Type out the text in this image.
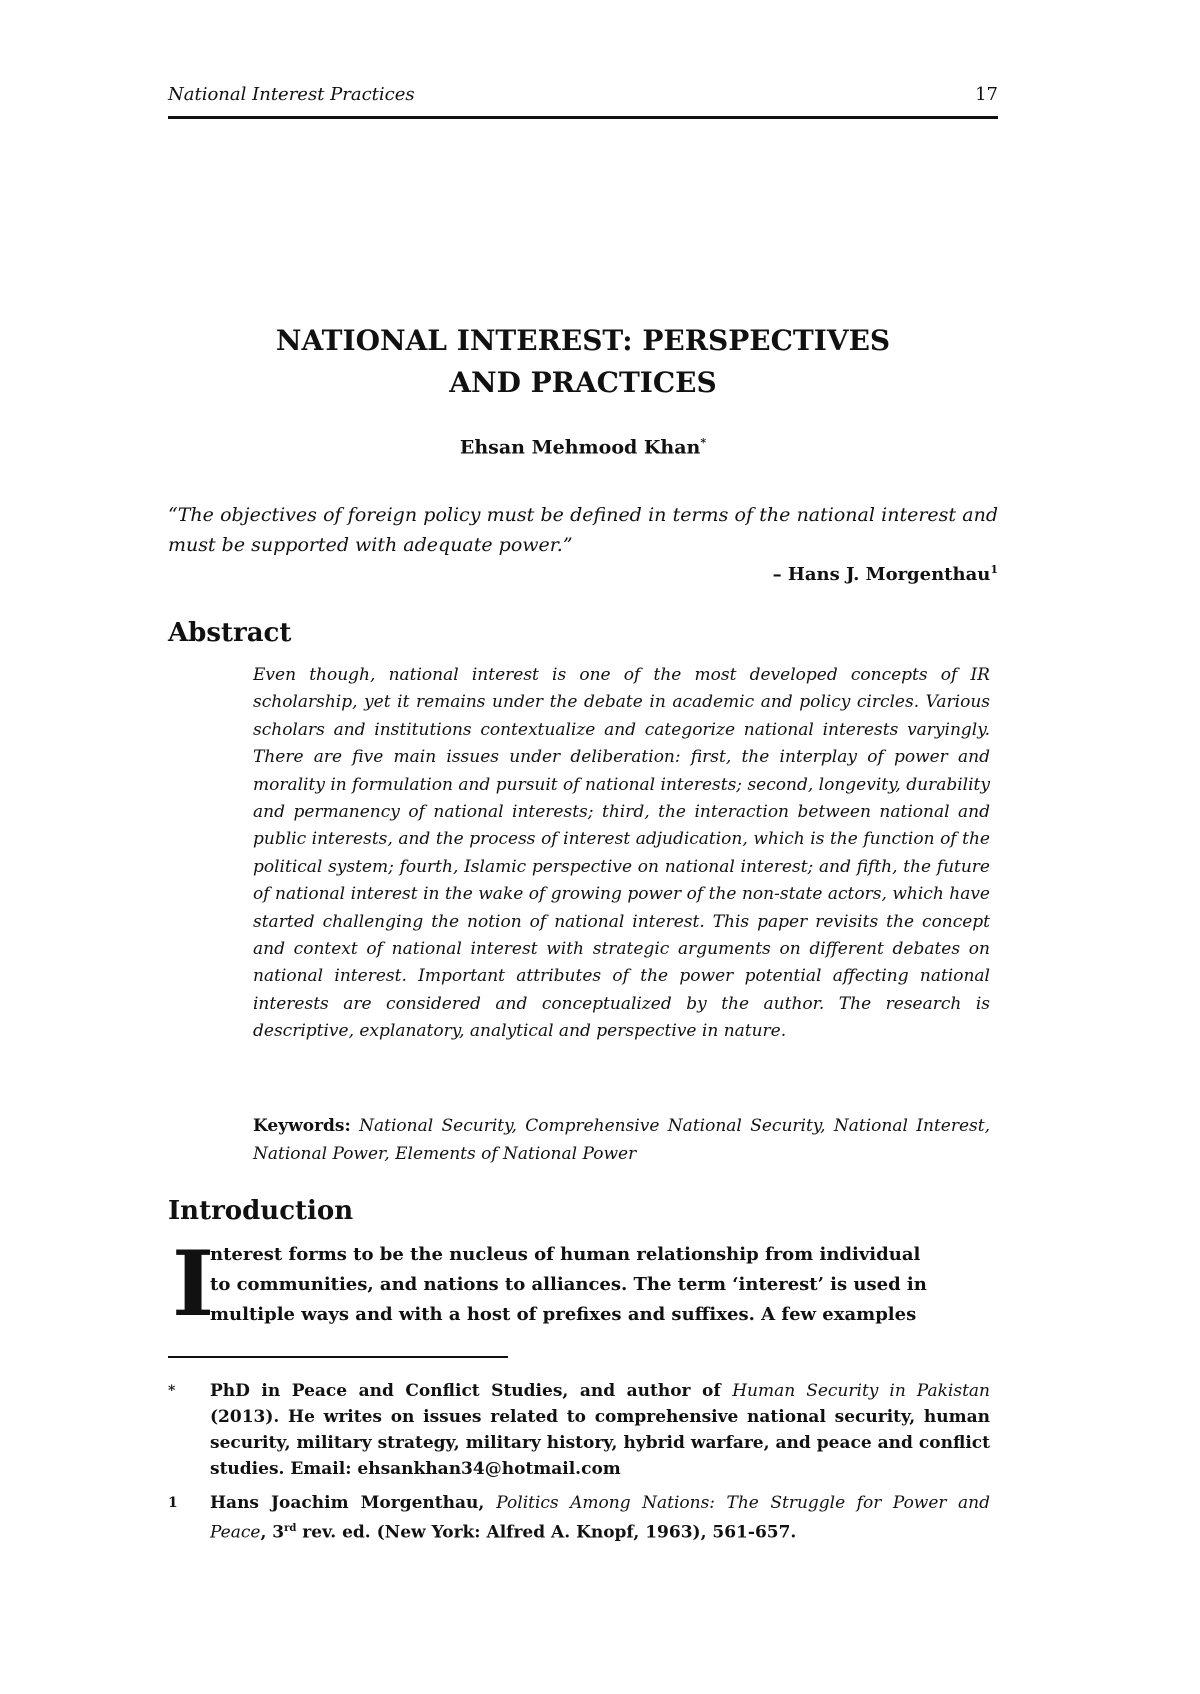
National Interest Practices	17
NATIONAL INTEREST: PERSPECTIVES
AND PRACTICES
Ehsan Mehmood Khan*
“The objectives of foreign policy must be defined in terms of the national interest and must be supported with adequate power.”
– Hans J. Morgenthau$^1$
Abstract

Even though, national interest is one of the most developed concepts of IR scholarship, yet it remains under the debate in academic and policy circles. Various scholars and institutions contextualize and categorize national interests varyingly. There are five main issues under deliberation: first, the interplay of power and morality in formulation and pursuit of national interests; second, longevity, durability and permanency of national interests; third, the interaction between national and public interests, and the process of interest adjudication, which is the function of the political system; fourth, Islamic perspective on national interest; and fifth, the future of national interest in the wake of growing power of the non-state actors, which have started challenging the notion of national interest. This paper revisits the concept and context of national interest with strategic arguments on different debates on national interest. Important attributes of the power potential affecting national interests are considered and conceptualized by the author. The research is descriptive, explanatory, analytical and perspective in nature.

Keywords: National Security, Comprehensive National Security, National Interest, National Power, Elements of National Power

Introduction
I
nterest forms to be the nucleus of human relationship from individual
to communities, and nations to alliances. The term ‘interest’ is used in
multiple ways and with a host of prefixes and suffixes. A few examples
* PhD in Peace and Conflict Studies, and author of Human Security in Pakistan (2013). He writes on issues related to comprehensive national security, human security, military strategy, military history, hybrid warfare, and peace and conflict studies. Email: ehsankhan34@hotmail.com
1 Hans Joachim Morgenthau, Politics Among Nations: The Struggle for Power and Peace, 3rd rev. ed. (New York: Alfred A. Knopf, 1963), 561-657.
